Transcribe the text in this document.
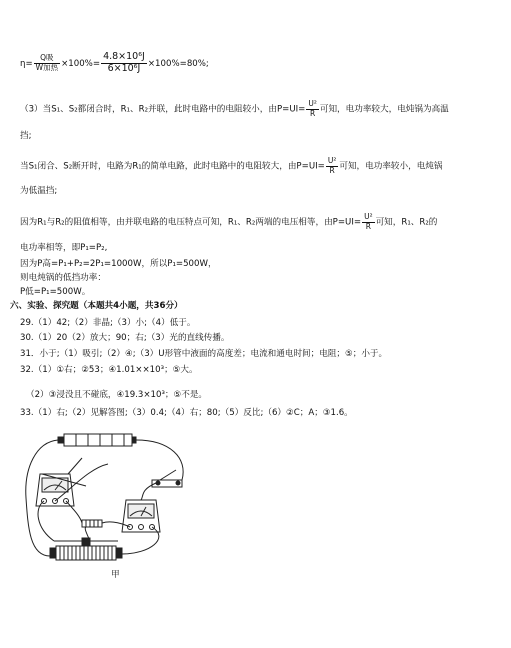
$\eta= \frac{\text{Q吸}}{\text{W加热}} \times 100\%= \frac{\text{4.8×10⁶J}}{\text{6×10⁶J}} \times 100\%=80\%$;
（3）当S₁、S₂都闭合时，R₁、R₂并联，此时电路中的电阻较小，由$P=UI= \frac{\text{U²}}{R}$ 可知，电功率较大，电炖锅为高温
挡;
当S₁闭合、S₂断开时，电路为R₁的简单电路，此时电路中的电阻较大，由$P=UI= \frac{\text{U²}}{R}$ 可知，电功率较小，电炖锅
为低温挡;
因为R₁与R₂的阻值相等，由并联电路的电压特点可知，R₁、R₂两端的电压相等，由$P=UI= \frac{\text{U²}}{R}$ 可知，R₁、R₂的
电功率相等，即P₁=P₂,
因为P高=P₁+P₂=2P₁=1000W，所以P₁=500W，
则电炖锅的低挡功率：
P低=P₁=500W。
六、实验、探究题（本题共4小题，共36分）
29.（1）42;（2）非晶;（3）小;（4）低于。
30.（1）20（2）放大；90；右;（3）光的直线传播。
31．小于;（1）吸引;（2）④;（3）U形管中液面的高度差；电流和通电时间；电阻；⑤；小于。
32.（1）①右；②53；④1.01××10³；⑤大。
（2）③浸没且不碰底，④19.3×10³；⑤不是。
33.（1）右;（2）见解答图;（3）0.4;（4）右；80;（5）反比;（6）②C；A；③1.6。
甲
